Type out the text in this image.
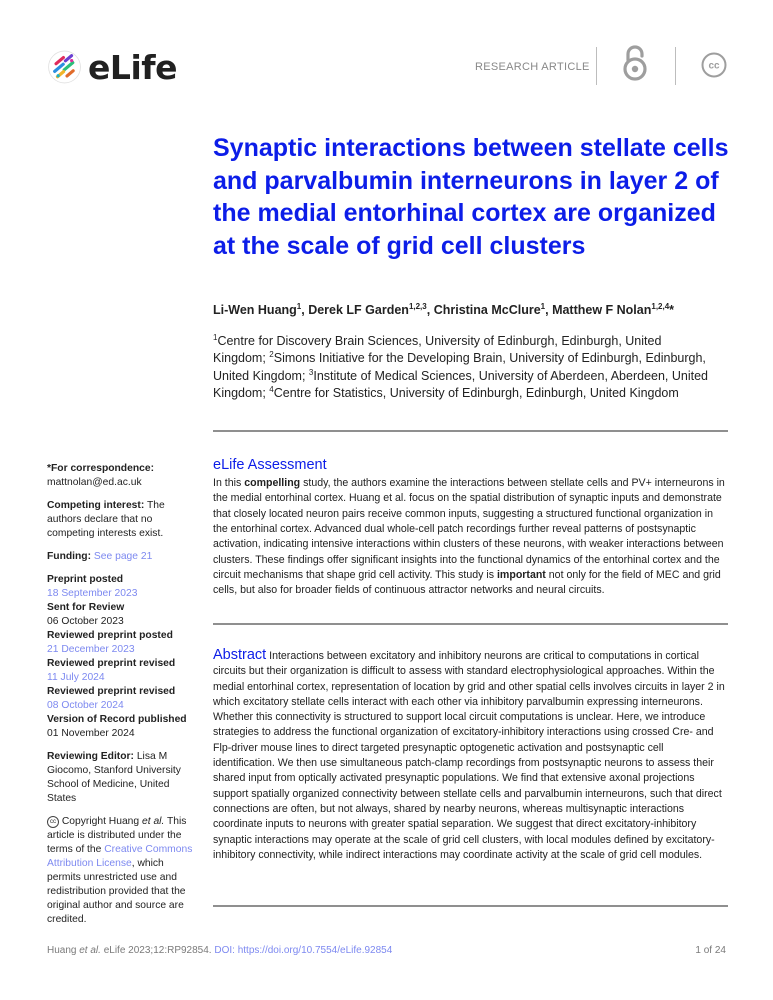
eLife	RESEARCH ARTICLE	cc
Synaptic interactions between stellate cells and parvalbumin interneurons in layer 2 of the medial entorhinal cortex are organized at the scale of grid cell clusters
Li-Wen Huang$^1$, Derek LF Garden$^{1,2,3}$, Christina McClure$^1$, Matthew F Nolan$^{1,2,4}$*
$^1$Centre for Discovery Brain Sciences, University of Edinburgh, Edinburgh, United Kingdom; $^2$Simons Initiative for the Developing Brain, University of Edinburgh, Edinburgh, United Kingdom; $^3$Institute of Medical Sciences, University of Aberdeen, Aberdeen, United Kingdom; $^4$Centre for Statistics, University of Edinburgh, Edinburgh, United Kingdom

*For correspondence:
mattnolan@ed.ac.uk

Competing interest: The authors declare that no competing interests exist.

Funding: See page 21

Preprint posted
18 September 2023
Sent for Review
06 October 2023
Reviewed preprint posted
21 December 2023
Reviewed preprint revised
11 July 2024
Reviewed preprint revised
08 October 2024
Version of Record published
01 November 2024

Reviewing Editor: Lisa M Giocomo, Stanford University School of Medicine, United States

cc Copyright Huang et al. This article is distributed under the terms of the Creative Commons Attribution License, which permits unrestricted use and redistribution provided that the original author and source are credited.

eLife Assessment
In this compelling study, the authors examine the interactions between stellate cells and PV+ interneurons in the medial entorhinal cortex. Huang et al. focus on the spatial distribution of synaptic inputs and demonstrate that closely located neuron pairs receive common inputs, suggesting a structured functional organization in the entorhinal cortex. Advanced dual whole-cell patch recordings further reveal patterns of postsynaptic activation, indicating intensive interactions within clusters of these neurons, with weaker interactions between clusters. These findings offer significant insights into the functional dynamics of the entorhinal cortex and the circuit mechanisms that shape grid cell activity. This study is important not only for the field of MEC and grid cells, but also for broader fields of continuous attractor networks and neural circuits.
Abstract Interactions between excitatory and inhibitory neurons are critical to computations in cortical circuits but their organization is difficult to assess with standard electrophysiological approaches. Within the medial entorhinal cortex, representation of location by grid and other spatial cells involves circuits in layer 2 in which excitatory stellate cells interact with each other via inhibitory parvalbumin expressing interneurons. Whether this connectivity is structured to support local circuit computations is unclear. Here, we introduce strategies to address the functional organization of excitatory-inhibitory interactions using crossed Cre- and Flp-driver mouse lines to direct targeted presynaptic optogenetic activation and postsynaptic cell identification. We then use simultaneous patch-clamp recordings from postsynaptic neurons to assess their shared input from optically activated presynaptic populations. We find that extensive axonal projections support spatially organized connectivity between stellate cells and parvalbumin interneurons, such that direct connections are often, but not always, shared by nearby neurons, whereas multisynaptic interactions coordinate inputs to neurons with greater spatial separation. We suggest that direct excitatory-inhibitory synaptic interactions may operate at the scale of grid cell clusters, with local modules defined by excitatory-inhibitory connectivity, while indirect interactions may coordinate activity at the scale of grid cell modules.
Huang et al. eLife 2023;12:RP92854. DOI: https://doi.org/10.7554/eLife.92854	1 of 24
